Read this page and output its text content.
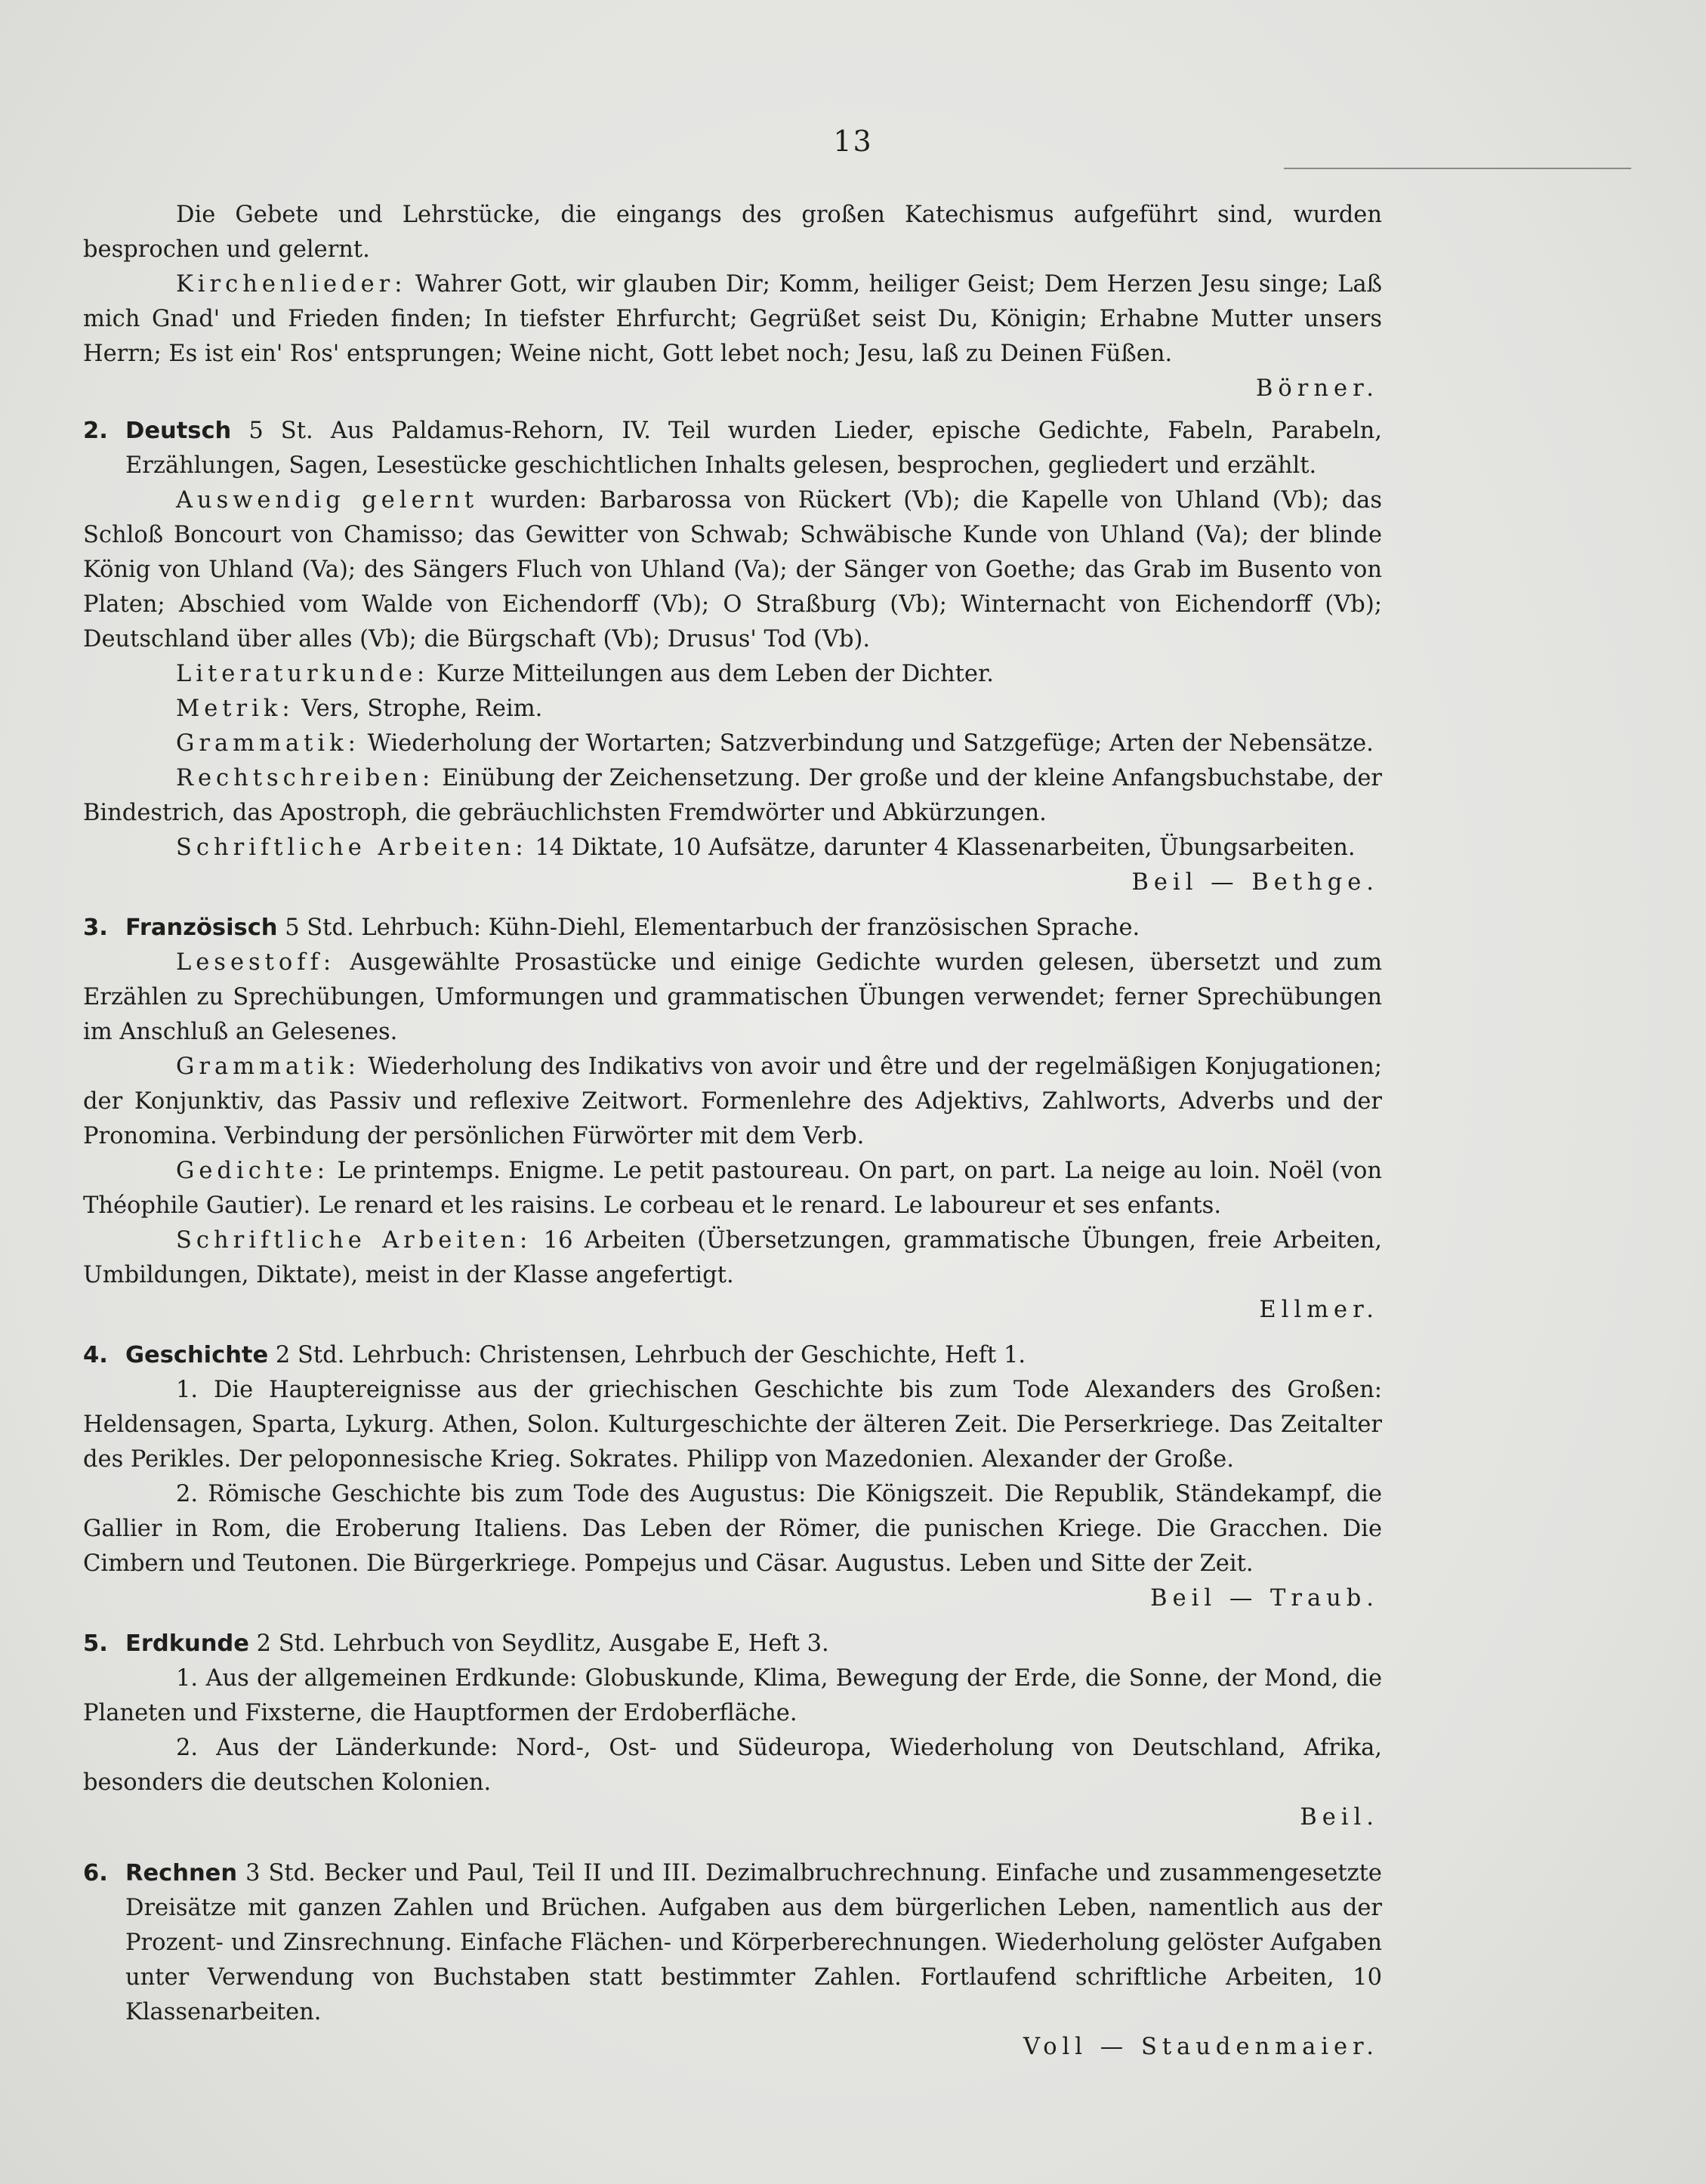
13
Die Gebete und Lehrstücke, die eingangs des großen Katechismus aufgeführt sind, wurden besprochen und gelernt.
Kirchenlieder: Wahrer Gott, wir glauben Dir; Komm, heiliger Geist; Dem Herzen Jesu singe; Laß mich Gnad' und Frieden finden; In tiefster Ehrfurcht; Gegrüßet seist Du, Königin; Erhabne Mutter unsers Herrn; Es ist ein' Ros' entsprungen; Weine nicht, Gott lebet noch; Jesu, laß zu Deinen Füßen.
Börner.
2. Deutsch 5 St. Aus Paldamus-Rehorn, IV. Teil wurden Lieder, epische Gedichte, Fabeln, Parabeln, Erzählungen, Sagen, Lesestücke geschichtlichen Inhalts gelesen, besprochen, gegliedert und erzählt.
Auswendig gelernt wurden: Barbarossa von Rückert (Vb); die Kapelle von Uhland (Vb); das Schloß Boncourt von Chamisso; das Gewitter von Schwab; Schwäbische Kunde von Uhland (Va); der blinde König von Uhland (Va); des Sängers Fluch von Uhland (Va); der Sänger von Goethe; das Grab im Busento von Platen; Abschied vom Walde von Eichendorff (Vb); O Straßburg (Vb); Winternacht von Eichendorff (Vb); Deutschland über alles (Vb); die Bürgschaft (Vb); Drusus' Tod (Vb).
Literaturkunde: Kurze Mitteilungen aus dem Leben der Dichter.
Metrik: Vers, Strophe, Reim.
Grammatik: Wiederholung der Wortarten; Satzverbindung und Satzgefüge; Arten der Nebensätze.
Rechtschreiben: Einübung der Zeichensetzung. Der große und der kleine Anfangsbuchstabe, der Bindestrich, das Apostroph, die gebräuchlichsten Fremdwörter und Abkürzungen.
Schriftliche Arbeiten: 14 Diktate, 10 Aufsätze, darunter 4 Klassenarbeiten, Übungsarbeiten.
Beil — Bethge.
3. Französisch 5 Std. Lehrbuch: Kühn-Diehl, Elementarbuch der französischen Sprache.
Lesestoff: Ausgewählte Prosastücke und einige Gedichte wurden gelesen, übersetzt und zum Erzählen zu Sprechübungen, Umformungen und grammatischen Übungen verwendet; ferner Sprechübungen im Anschluß an Gelesenes.
Grammatik: Wiederholung des Indikativs von avoir und être und der regelmäßigen Konjugationen; der Konjunktiv, das Passiv und reflexive Zeitwort. Formenlehre des Adjektivs, Zahlworts, Adverbs und der Pronomina. Verbindung der persönlichen Fürwörter mit dem Verb.
Gedichte: Le printemps. Enigme. Le petit pastoureau. On part, on part. La neige au loin. Noël (von Théophile Gautier). Le renard et les raisins. Le corbeau et le renard. Le laboureur et ses enfants.
Schriftliche Arbeiten: 16 Arbeiten (Übersetzungen, grammatische Übungen, freie Arbeiten, Umbildungen, Diktate), meist in der Klasse angefertigt.
Ellmer.
4. Geschichte 2 Std. Lehrbuch: Christensen, Lehrbuch der Geschichte, Heft 1.
1. Die Hauptereignisse aus der griechischen Geschichte bis zum Tode Alexanders des Großen: Heldensagen, Sparta, Lykurg. Athen, Solon. Kulturgeschichte der älteren Zeit. Die Perserkriege. Das Zeitalter des Perikles. Der peloponnesische Krieg. Sokrates. Philipp von Mazedonien. Alexander der Große.
2. Römische Geschichte bis zum Tode des Augustus: Die Königszeit. Die Republik, Ständekampf, die Gallier in Rom, die Eroberung Italiens. Das Leben der Römer, die punischen Kriege. Die Gracchen. Die Cimbern und Teutonen. Die Bürgerkriege. Pompejus und Cäsar. Augustus. Leben und Sitte der Zeit.
Beil — Traub.
5. Erdkunde 2 Std. Lehrbuch von Seydlitz, Ausgabe E, Heft 3.
1. Aus der allgemeinen Erdkunde: Globuskunde, Klima, Bewegung der Erde, die Sonne, der Mond, die Planeten und Fixsterne, die Hauptformen der Erdoberfläche.
2. Aus der Länderkunde: Nord-, Ost- und Südeuropa, Wiederholung von Deutschland, Afrika, besonders die deutschen Kolonien.
Beil.
6. Rechnen 3 Std. Becker und Paul, Teil II und III. Dezimalbruchrechnung. Einfache und zusammengesetzte Dreisätze mit ganzen Zahlen und Brüchen. Aufgaben aus dem bürgerlichen Leben, namentlich aus der Prozent- und Zinsrechnung. Einfache Flächen- und Körperberechnungen. Wiederholung gelöster Aufgaben unter Verwendung von Buchstaben statt bestimmter Zahlen. Fortlaufend schriftliche Arbeiten, 10 Klassenarbeiten.
Voll — Staudenmaier.
